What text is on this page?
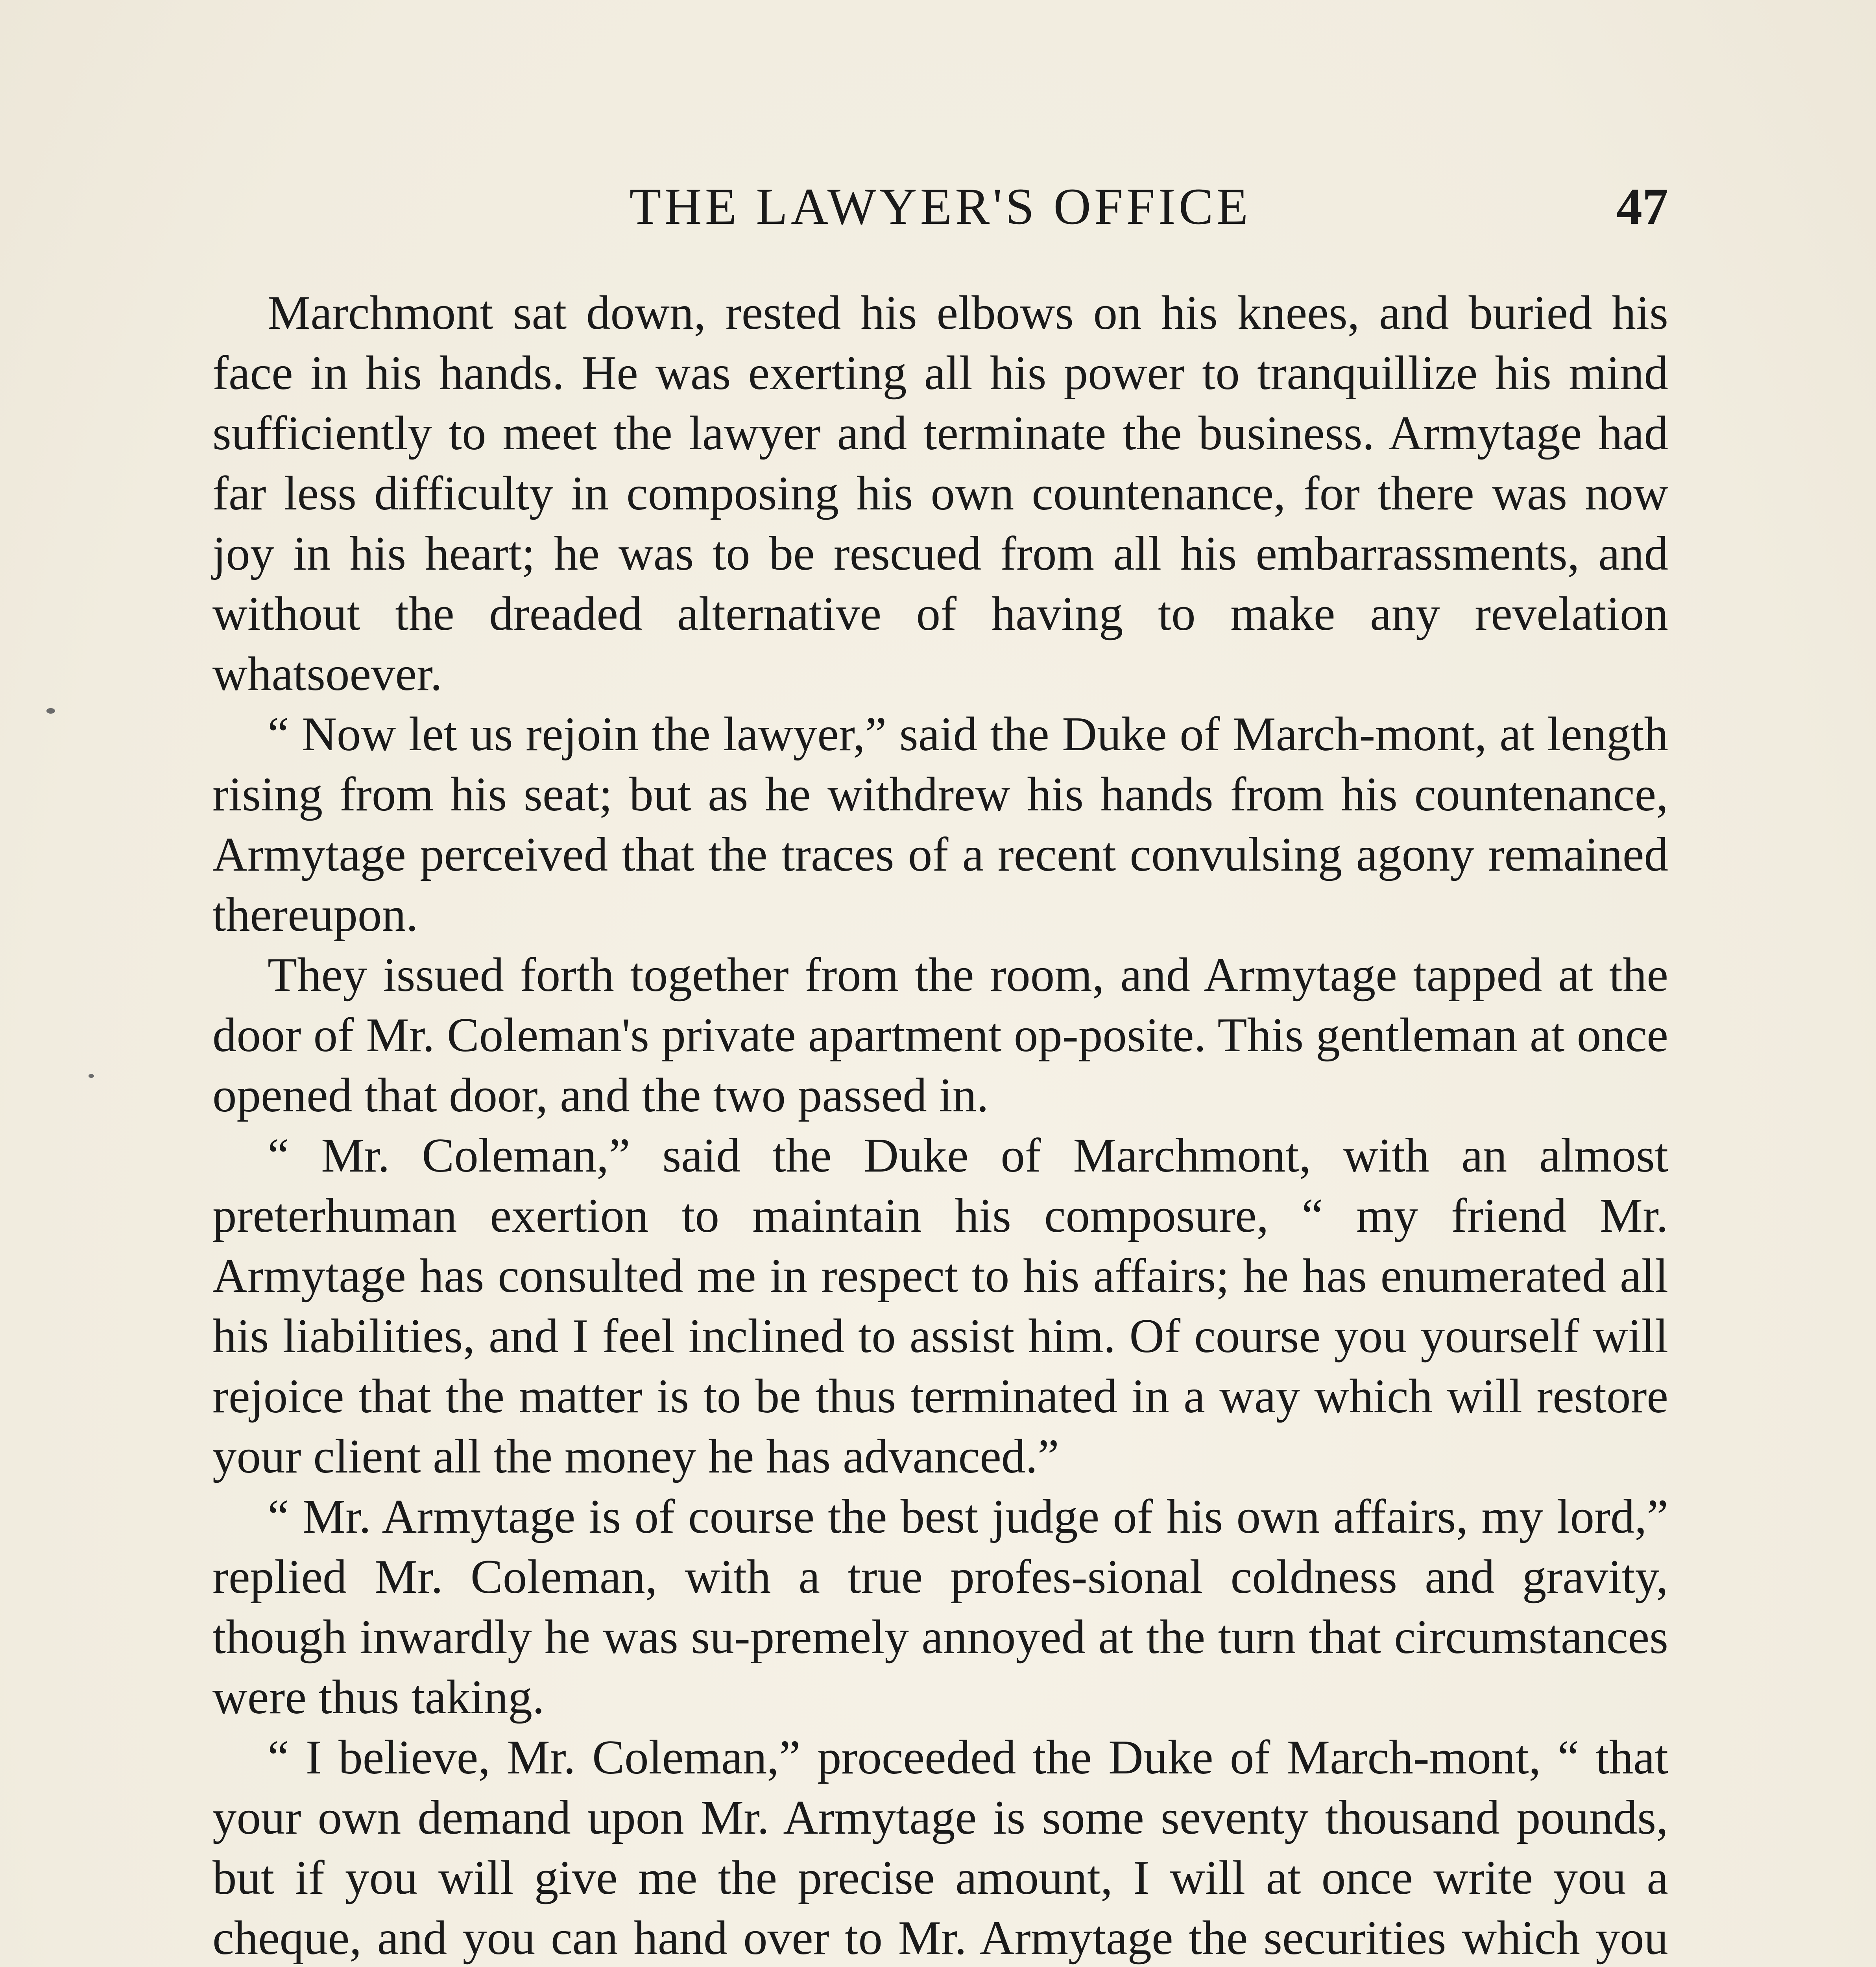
THE LAWYER'S OFFICE	47

Marchmont sat down, rested his elbows on his knees, and buried his face in his hands. He was exerting all his power to tranquillize his mind sufficiently to meet the lawyer and terminate the business. Armytage had far less difficulty in composing his own countenance, for there was now joy in his heart; he was to be rescued from all his embarrassments, and without the dreaded alternative of having to make any revelation whatsoever.

“ Now let us rejoin the lawyer,” said the Duke of March-mont, at length rising from his seat; but as he withdrew his hands from his countenance, Armytage perceived that the traces of a recent convulsing agony remained thereupon.

They issued forth together from the room, and Armytage tapped at the door of Mr. Coleman's private apartment op-posite. This gentleman at once opened that door, and the two passed in.

“ Mr. Coleman,” said the Duke of Marchmont, with an almost preterhuman exertion to maintain his composure, “ my friend Mr. Armytage has consulted me in respect to his affairs; he has enumerated all his liabilities, and I feel inclined to assist him. Of course you yourself will rejoice that the matter is to be thus terminated in a way which will restore your client all the money he has advanced.”

“ Mr. Armytage is of course the best judge of his own affairs, my lord,” replied Mr. Coleman, with a true profes-sional coldness and gravity, though inwardly he was su-premely annoyed at the turn that circumstances were thus taking.

“ I believe, Mr. Coleman,” proceeded the Duke of March-mont, “ that your own demand upon Mr. Armytage is some seventy thousand pounds, but if you will give me the precise amount, I will at once write you a cheque, and you can hand over to Mr. Armytage the securities which you
